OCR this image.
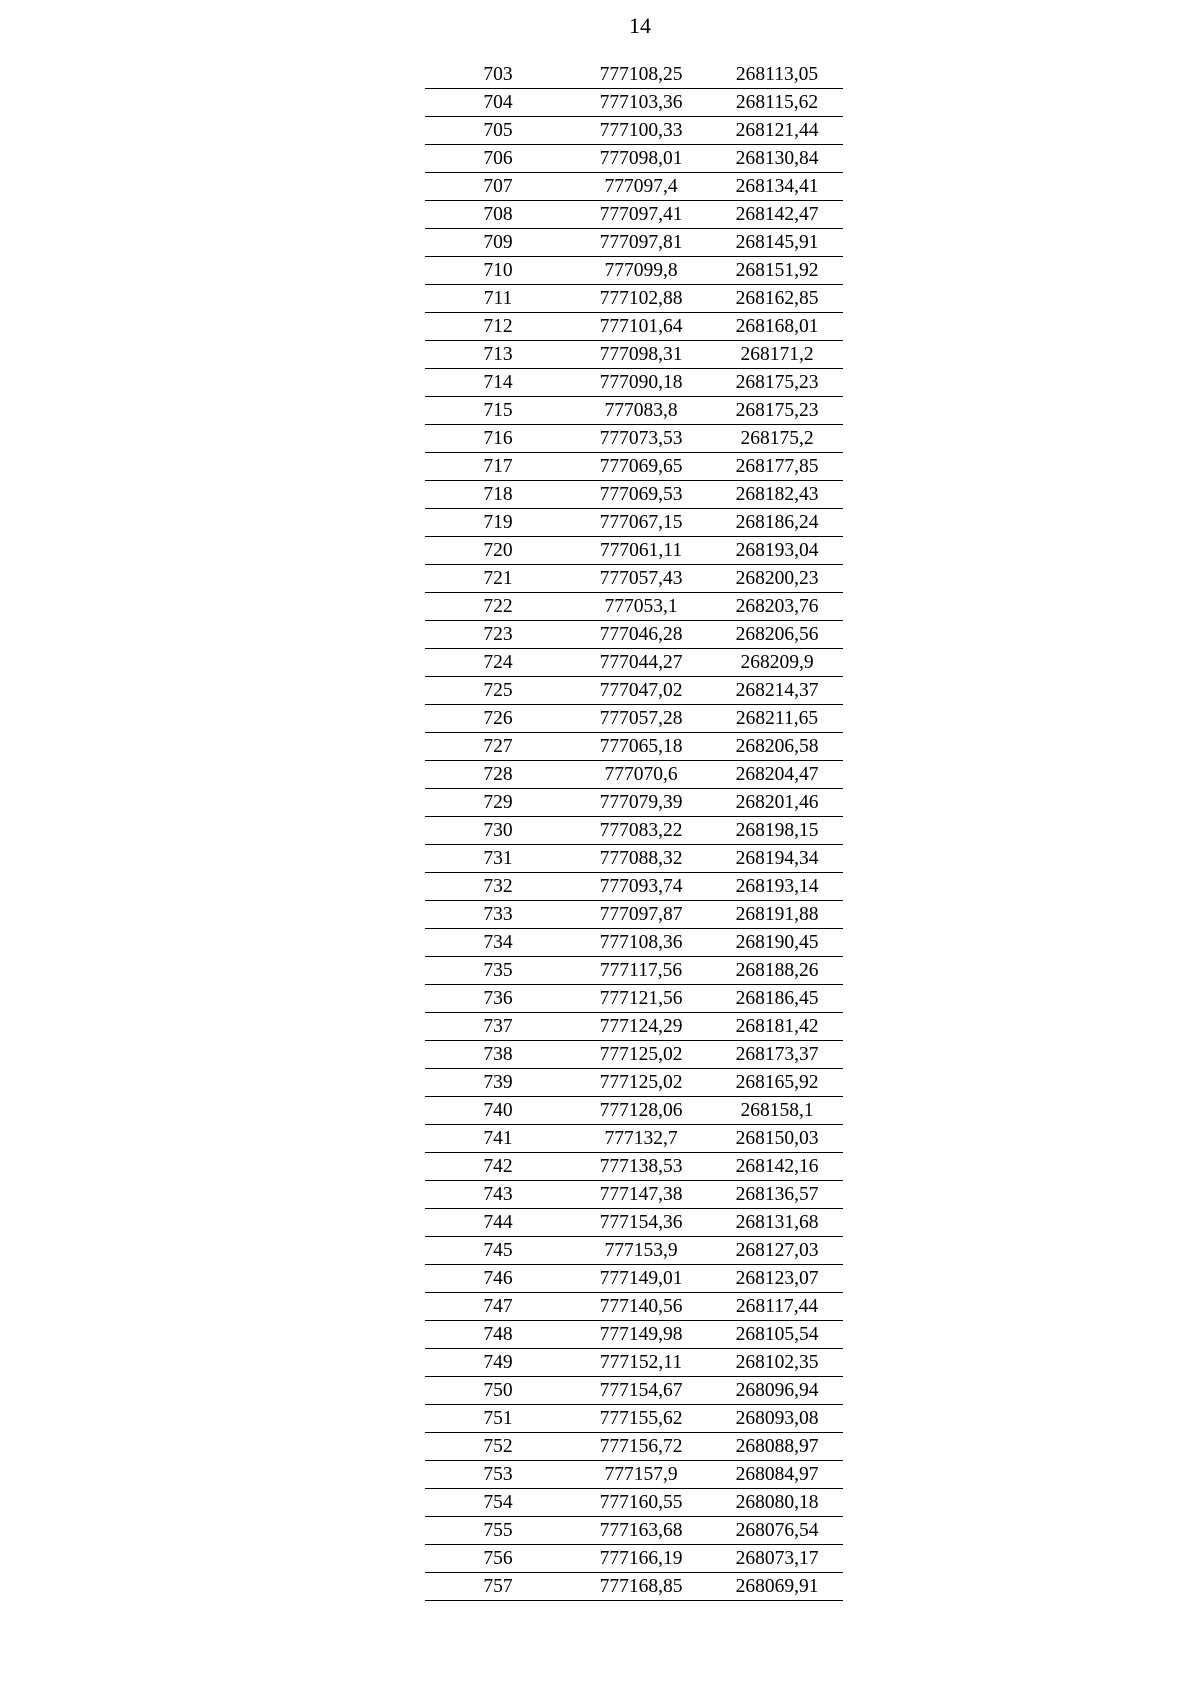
14
703	777108,25	268113,05
704	777103,36	268115,62
705	777100,33	268121,44
706	777098,01	268130,84
707	777097,4	268134,41
708	777097,41	268142,47
709	777097,81	268145,91
710	777099,8	268151,92
711	777102,88	268162,85
712	777101,64	268168,01
713	777098,31	268171,2
714	777090,18	268175,23
715	777083,8	268175,23
716	777073,53	268175,2
717	777069,65	268177,85
718	777069,53	268182,43
719	777067,15	268186,24
720	777061,11	268193,04
721	777057,43	268200,23
722	777053,1	268203,76
723	777046,28	268206,56
724	777044,27	268209,9
725	777047,02	268214,37
726	777057,28	268211,65
727	777065,18	268206,58
728	777070,6	268204,47
729	777079,39	268201,46
730	777083,22	268198,15
731	777088,32	268194,34
732	777093,74	268193,14
733	777097,87	268191,88
734	777108,36	268190,45
735	777117,56	268188,26
736	777121,56	268186,45
737	777124,29	268181,42
738	777125,02	268173,37
739	777125,02	268165,92
740	777128,06	268158,1
741	777132,7	268150,03
742	777138,53	268142,16
743	777147,38	268136,57
744	777154,36	268131,68
745	777153,9	268127,03
746	777149,01	268123,07
747	777140,56	268117,44
748	777149,98	268105,54
749	777152,11	268102,35
750	777154,67	268096,94
751	777155,62	268093,08
752	777156,72	268088,97
753	777157,9	268084,97
754	777160,55	268080,18
755	777163,68	268076,54
756	777166,19	268073,17
757	777168,85	268069,91
